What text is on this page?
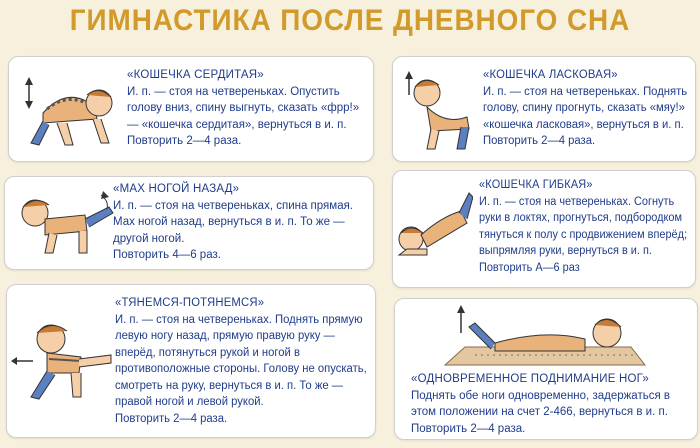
ГИМНАСТИКА ПОСЛЕ ДНЕВНОГО СНА
«КОШЕЧКА СЕРДИТАЯ»
И. п. — стоя на четвереньках. Опустить
голову вниз, спину выгнуть, сказать «фрр!»
— «кошечка сердитая», вернуться в и. п.
Повторить 2—4 раза.
«КОШЕЧКА ЛАСКОВАЯ»
И. п. — стоя на четвереньках. Поднять
голову, спину прогнуть, сказать «мяу!»
«кошечка ласковая», вернуться в и. п.
Повторить 2—4 раза.
«МАХ НОГОЙ НАЗАД»
И. п. — стоя на четвереньках, спина прямая.
Мах ногой назад, вернуться в и. п. То же —
другой ногой.
Повторить 4—6 раз.
«КОШЕЧКА ГИБКАЯ»
И. п. — стоя на четвереньках. Согнуть
руки в локтях, прогнуться, подбородком
тянуться к полу с продвижением вперёд;
выпрямляя руки, вернуться в и. п.
Повторить А—6 раз
«ТЯНЕМСЯ-ПОТЯНЕМСЯ»
И. п. — стоя на четвереньках. Поднять прямую
левую ногу назад, прямую правую руку —
вперёд, потянуться рукой и ногой в
противоположные стороны. Голову не опускать,
смотреть на руку, вернуться в и. п. То же —
правой ногой и левой рукой.
Повторить 2—4 раза.
«ОДНОВРЕМЕННОЕ ПОДНИМАНИЕ НОГ»
Поднять обе ноги одновременно, задержаться в
этом положении на счет 2-466, вернуться в и. п.
Повторить 2—4 раза.
